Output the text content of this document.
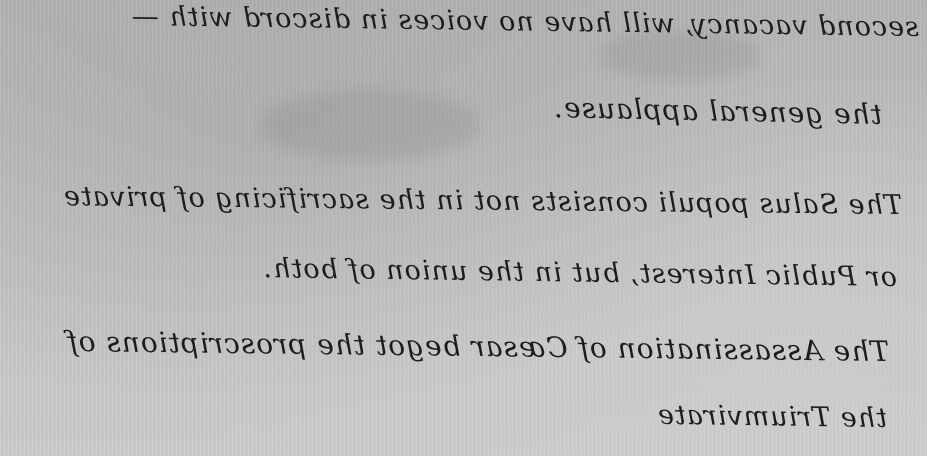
second vacancy, will have no voices in discord with —
the general applause.
The Salus populi consists not in the sacrificing of private
or Public Interest, but in the union of both.
The Assassination of Cæsar begot the proscriptions of
the Triumvirate
